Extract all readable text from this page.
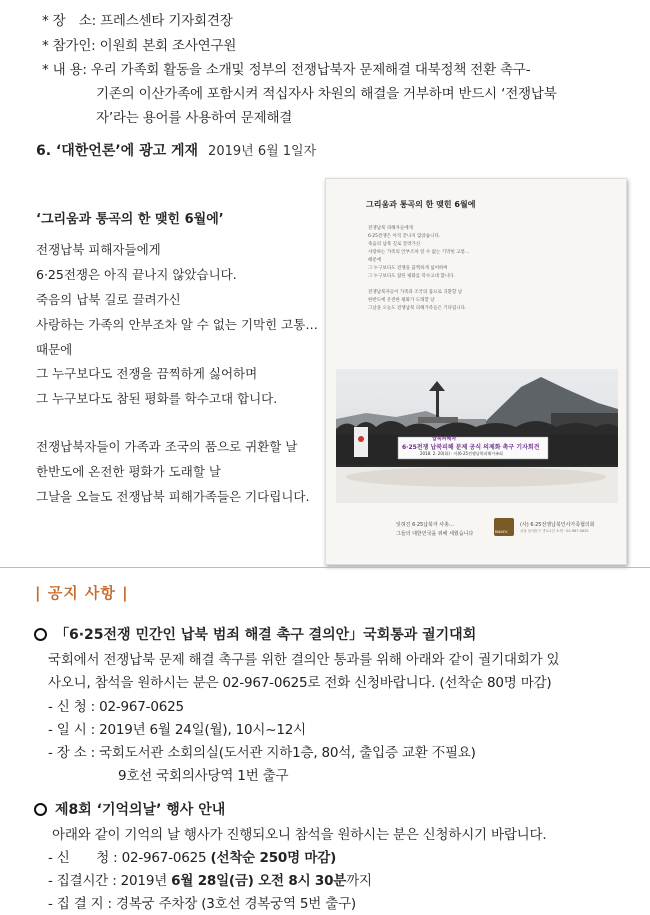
* 장　소: 프레스센타 기자회견장
* 참가인: 이원희 본회 조사연구원
* 내 용: 우리 가족회 활동을 소개및 정부의 전쟁납북자 문제해결 대북정책 전환 촉구-
기존의 이산가족에 포함시켜 적십자사 차원의 해결을 거부하며 반드시 ‘전쟁납북
자’라는 용어를 사용하여 문제해결
6. ‘대한언론’에 광고 게재 2019년 6월 1일자
‘그리움과 통곡의 한 맺힌 6월에’
전쟁납북 피해자들에게
6·25전쟁은 아직 끝나지 않았습니다.
죽음의 납북 길로 끌려가신
사랑하는 가족의 안부조차 알 수 없는 기막힌 고통…
때문에
그 누구보다도 전쟁을 끔찍하게 싫어하며
그 누구보다도 참된 평화를 학수고대 합니다.
전쟁납북자들이 가족과 조국의 품으로 귀환할 날
한반도에 온전한 평화가 도래할 날
그날을 오늘도 전쟁납북 피해가족들은 기다립니다.
그리움과 통곡의 한 맺힌 6월에
전쟁납북 피해자들에게
6·25전쟁은 아직 끝나지 않았습니다.
죽음의 납북 길로 끌려가신
사랑하는 가족의 안부조차 알 수 없는 기막힌 고통…
때문에
그 누구보다도 전쟁을 끔찍하게 싫어하며
그 누구보다도 참된 평화를 학수고대 합니다.
전쟁납북자들이 가족과 조국의 품으로 귀환할 날
한반도에 온전한 평화가 도래할 날
그날을 오늘도 전쟁납북 피해가족들은 기다립니다.
납북피해자
6·25전쟁 납북피해 문제 공식 의제화 촉구 기자회견
2018. 2. 20(화) · 사)6·25전쟁납북피해가족회
잊혀진 6·25납북자 사총…
그들의 대한민국을 위해 세웠습니다	KWAFU
(사) 6·25전쟁납북인사가족협의회
서울 동대문구 종로1길 소재 · 02-967-0625
| 공지 사항 |
「6·25전쟁 민간인 납북 범죄 해결 촉구 결의안」국회통과 궐기대회
국회에서 전쟁납북 문제 해결 촉구를 위한 결의안 통과를 위해 아래와 같이 궐기대회가 있
사오니, 참석을 원하시는 분은 02-967-0625로 전화 신청바랍니다. (선착순 80명 마감)
- 신 청 : 02-967-0625
- 일 시 : 2019년 6월 24일(월), 10시~12시
- 장 소 : 국회도서관 소회의실(도서관 지하1층, 80석, 출입증 교환 不필요)
9호선 국회의사당역 1번 출구
제8회 ‘기억의날’ 행사 안내
아래와 같이 기억의 날 행사가 진행되오니 참석을 원하시는 분은 신청하시기 바랍니다.
- 신　　청 : 02-967-0625 (선착순 250명 마감)
- 집결시간 : 2019년 6월 28일(금) 오전 8시 30분까지
- 집 결 지 : 경복궁 주차장 (3호선 경복궁역 5번 출구)
